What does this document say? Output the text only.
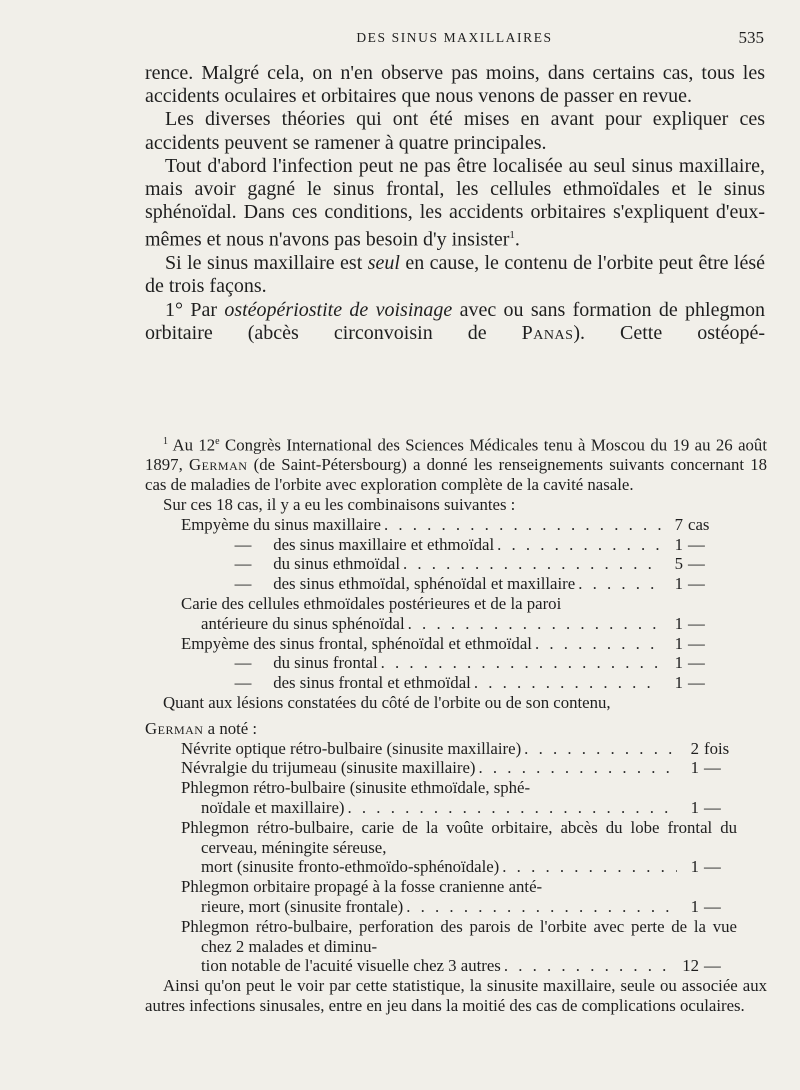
DES SINUS MAXILLAIRES	535

rence. Malgré cela, on n'en observe pas moins, dans certains cas, tous les accidents oculaires et orbitaires que nous venons de passer en revue.

Les diverses théories qui ont été mises en avant pour expliquer ces accidents peuvent se ramener à quatre principales.

Tout d'abord l'infection peut ne pas être localisée au seul sinus maxillaire, mais avoir gagné le sinus frontal, les cellules ethmoïdales et le sinus sphénoïdal. Dans ces conditions, les accidents orbitaires s'expliquent d'eux-mêmes et nous n'avons pas besoin d'y insister$^1$.

Si le sinus maxillaire est seul en cause, le contenu de l'orbite peut être lésé de trois façons.

1° Par ostéopériostite de voisinage avec ou sans formation de phlegmon orbitaire (abcès circonvoisin de Panas). Cette ostéopé-

$^1$ Au 12e Congrès International des Sciences Médicales tenu à Moscou du 19 au 26 août 1897, German (de Saint-Pétersbourg) a donné les renseignements suivants concernant 18 cas de maladies de l'orbite avec exploration complète de la cavité nasale.

Sur ces 18 cas, il y a eu les combinaisons suivantes :

Empyème du sinus maxillaire . . .	7 cas
— des sinus maxillaire et ethmoïdal . . .	1 —
— du sinus ethmoïdal . . .	5 —
— des sinus ethmoïdal, sphénoïdal et maxillaire . . .	1 —
Carie des cellules ethmoïdales postérieures et de la paroi
antérieure du sinus sphénoïdal . . .	1 —
Empyème des sinus frontal, sphénoïdal et ethmoïdal . . .	1 —
— du sinus frontal . . .	1 —
— des sinus frontal et ethmoïdal . . .	1 —

Quant aux lésions constatées du côté de l'orbite ou de son contenu,

German a noté :

Névrite optique rétro-bulbaire (sinusite maxillaire) . . .	2 fois
Névralgie du trijumeau (sinusite maxillaire) . . .	1 —
Phlegmon rétro-bulbaire (sinusite ethmoïdale, sphé-
noïdale et maxillaire) . . .	1 —
Phlegmon rétro-bulbaire, carie de la voûte orbitaire, abcès du lobe frontal du cerveau, méningite séreuse,
mort (sinusite fronto-ethmoïdo-sphénoïdale) . . .	1 —
Phlegmon orbitaire propagé à la fosse cranienne anté-
rieure, mort (sinusite frontale) . . .	1 —
Phlegmon rétro-bulbaire, perforation des parois de l'orbite avec perte de la vue chez 2 malades et diminu-
tion notable de l'acuité visuelle chez 3 autres . . .	12 —

Ainsi qu'on peut le voir par cette statistique, la sinusite maxillaire, seule ou associée aux autres infections sinusales, entre en jeu dans la moitié des cas de complications oculaires.
